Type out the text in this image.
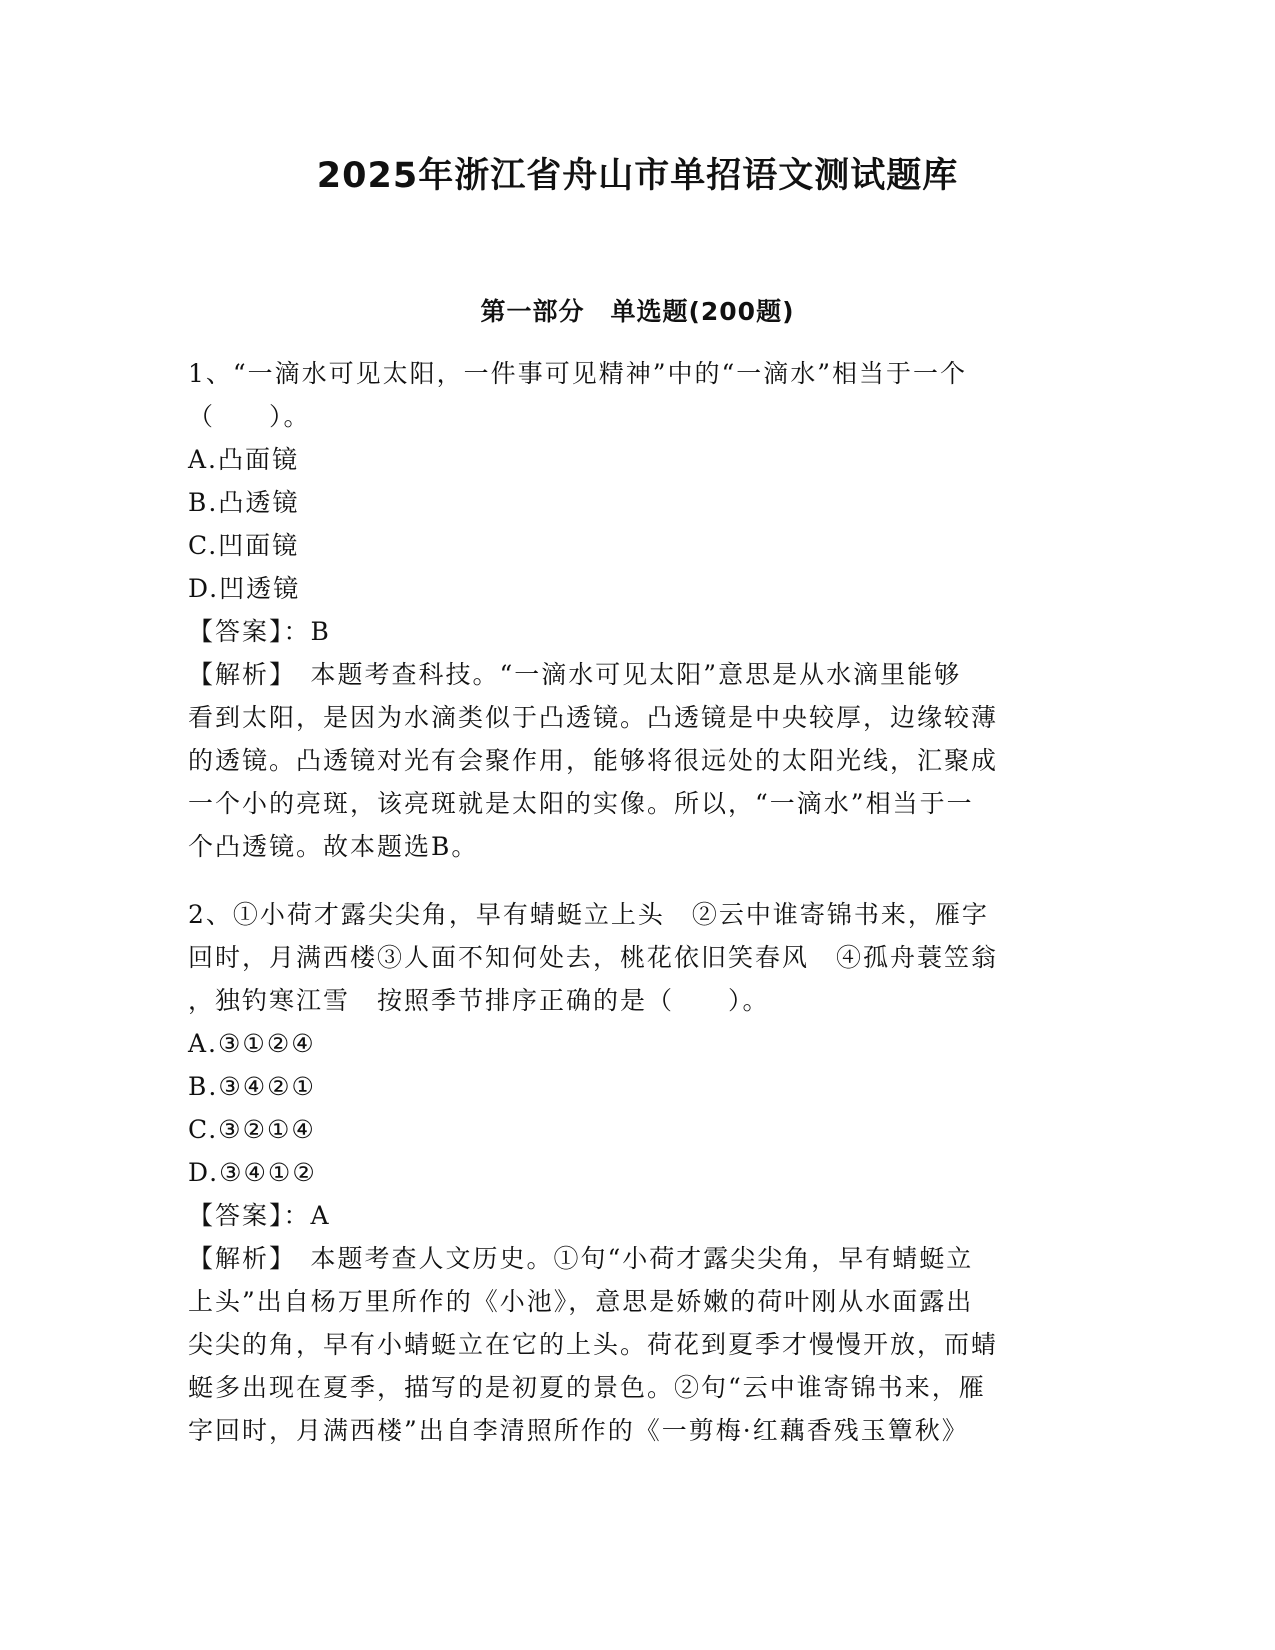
2025年浙江省舟山市单招语文测试题库
第一部分　单选题(200题)
1、“一滴水可见太阳，一件事可见精神”中的“一滴水”相当于一个
（　　）。
A.凸面镜
B.凸透镜
C.凹面镜
D.凹透镜
【答案】：B
【解析】　本题考查科技。“一滴水可见太阳”意思是从水滴里能够
看到太阳，是因为水滴类似于凸透镜。凸透镜是中央较厚，边缘较薄
的透镜。凸透镜对光有会聚作用，能够将很远处的太阳光线，汇聚成
一个小的亮斑，该亮斑就是太阳的实像。所以，“一滴水”相当于一
个凸透镜。故本题选B。
2、①小荷才露尖尖角，早有蜻蜓立上头　②云中谁寄锦书来，雁字
回时，月满西楼③人面不知何处去，桃花依旧笑春风　④孤舟蓑笠翁
，独钓寒江雪　按照季节排序正确的是（　　）。
A.③①②④
B.③④②①
C.③②①④
D.③④①②
【答案】：A
【解析】　本题考查人文历史。①句“小荷才露尖尖角，早有蜻蜓立
上头”出自杨万里所作的《小池》，意思是娇嫩的荷叶刚从水面露出
尖尖的角，早有小蜻蜓立在它的上头。荷花到夏季才慢慢开放，而蜻
蜓多出现在夏季，描写的是初夏的景色。②句“云中谁寄锦书来，雁
字回时，月满西楼”出自李清照所作的《一剪梅·红藕香残玉簟秋》
